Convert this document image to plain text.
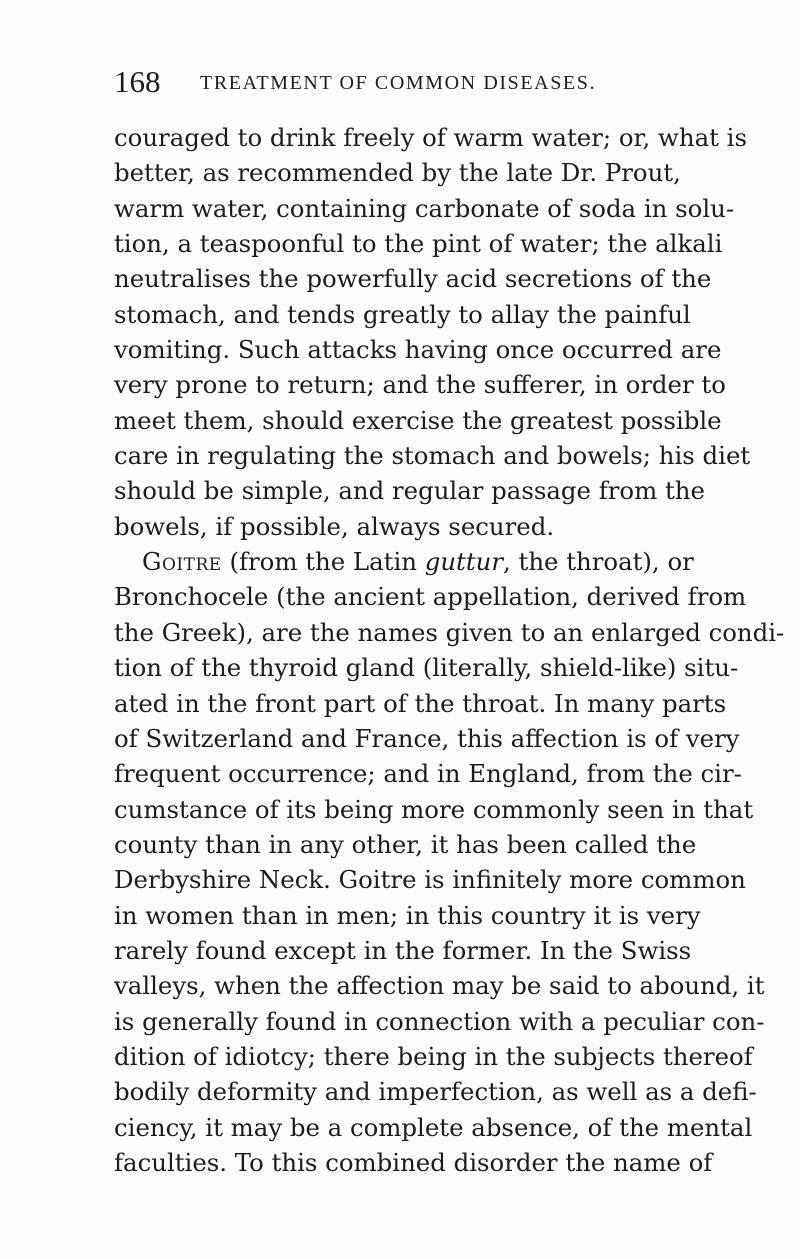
168 TREATMENT OF COMMON DISEASES.
couraged to drink freely of warm water; or, what is
better, as recommended by the late Dr. Prout,
warm water, containing carbonate of soda in solu-
tion, a teaspoonful to the pint of water; the alkali
neutralises the powerfully acid secretions of the
stomach, and tends greatly to allay the painful
vomiting. Such attacks having once occurred are
very prone to return; and the sufferer, in order to
meet them, should exercise the greatest possible
care in regulating the stomach and bowels; his diet
should be simple, and regular passage from the
bowels, if possible, always secured.
Goitre (from the Latin guttur, the throat), or
Bronchocele (the ancient appellation, derived from
the Greek), are the names given to an enlarged condi-
tion of the thyroid gland (literally, shield-like) situ-
ated in the front part of the throat. In many parts
of Switzerland and France, this affection is of very
frequent occurrence; and in England, from the cir-
cumstance of its being more commonly seen in that
county than in any other, it has been called the
Derbyshire Neck. Goitre is infinitely more common
in women than in men; in this country it is very
rarely found except in the former. In the Swiss
valleys, when the affection may be said to abound, it
is generally found in connection with a peculiar con-
dition of idiotcy; there being in the subjects thereof
bodily deformity and imperfection, as well as a defi-
ciency, it may be a complete absence, of the mental
faculties. To this combined disorder the name of
